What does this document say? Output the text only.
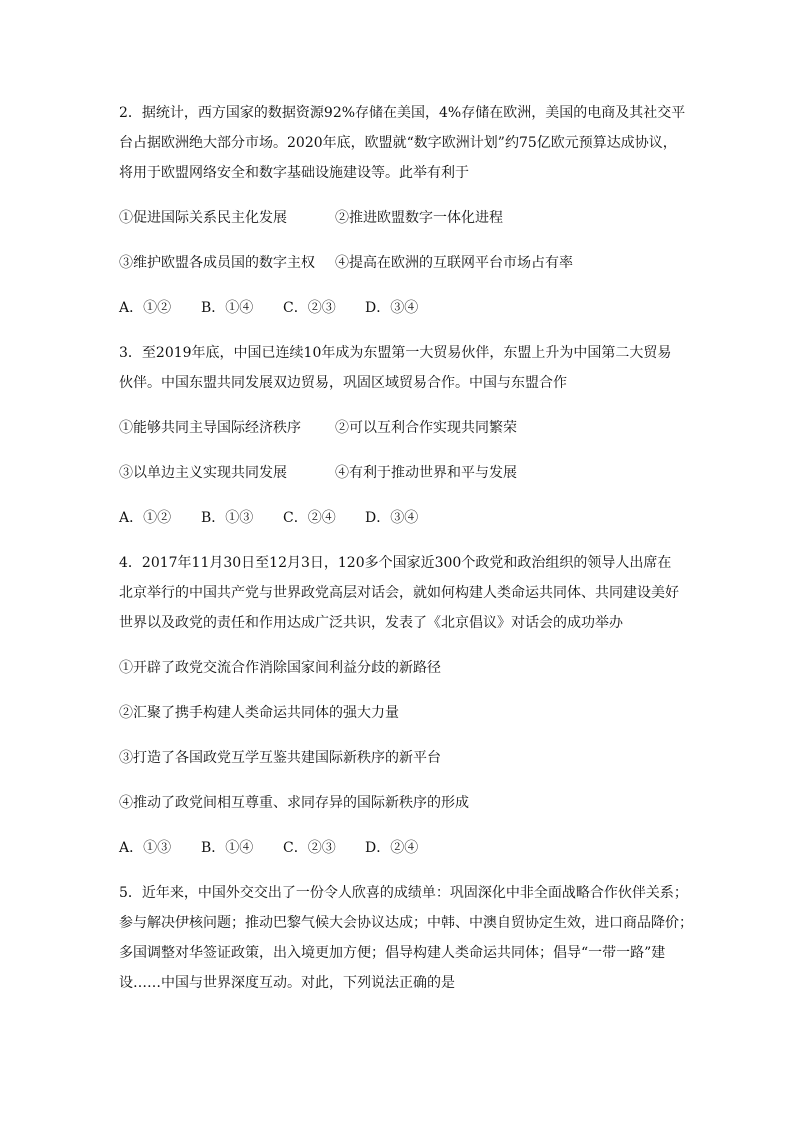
2．据统计，西方国家的数据资源92%存储在美国，4%存储在欧洲，美国的电商及其社交平
台占据欧洲绝大部分市场。2020年底，欧盟就“数字欧洲计划”约75亿欧元预算达成协议，
将用于欧盟网络安全和数字基础设施建设等。此举有利于
①促进国际关系民主化发展	②推进欧盟数字一体化进程
③维护欧盟各成员国的数字主权	④提高在欧洲的互联网平台市场占有率
A．①②	B．①④	C．②③	D．③④
3．至2019年底，中国已连续10年成为东盟第一大贸易伙伴，东盟上升为中国第二大贸易
伙伴。中国东盟共同发展双边贸易，巩固区域贸易合作。中国与东盟合作
①能够共同主导国际经济秩序	②可以互利合作实现共同繁荣
③以单边主义实现共同发展	④有利于推动世界和平与发展
A．①②	B．①③	C．②④	D．③④
4．2017年11月30日至12月3日，120多个国家近300个政党和政治组织的领导人出席在
北京举行的中国共产党与世界政党高层对话会，就如何构建人类命运共同体、共同建设美好
世界以及政党的责任和作用达成广泛共识，发表了《北京倡议》对话会的成功举办
①开辟了政党交流合作消除国家间利益分歧的新路径
②汇聚了携手构建人类命运共同体的强大力量
③打造了各国政党互学互鉴共建国际新秩序的新平台
④推动了政党间相互尊重、求同存异的国际新秩序的形成
A．①③	B．①④	C．②③	D．②④
5．近年来，中国外交交出了一份令人欣喜的成绩单：巩固深化中非全面战略合作伙伴关系；
参与解决伊核问题；推动巴黎气候大会协议达成；中韩、中澳自贸协定生效，进口商品降价；
多国调整对华签证政策，出入境更加方便；倡导构建人类命运共同体；倡导“一带一路”建
设……中国与世界深度互动。对此，下列说法正确的是
